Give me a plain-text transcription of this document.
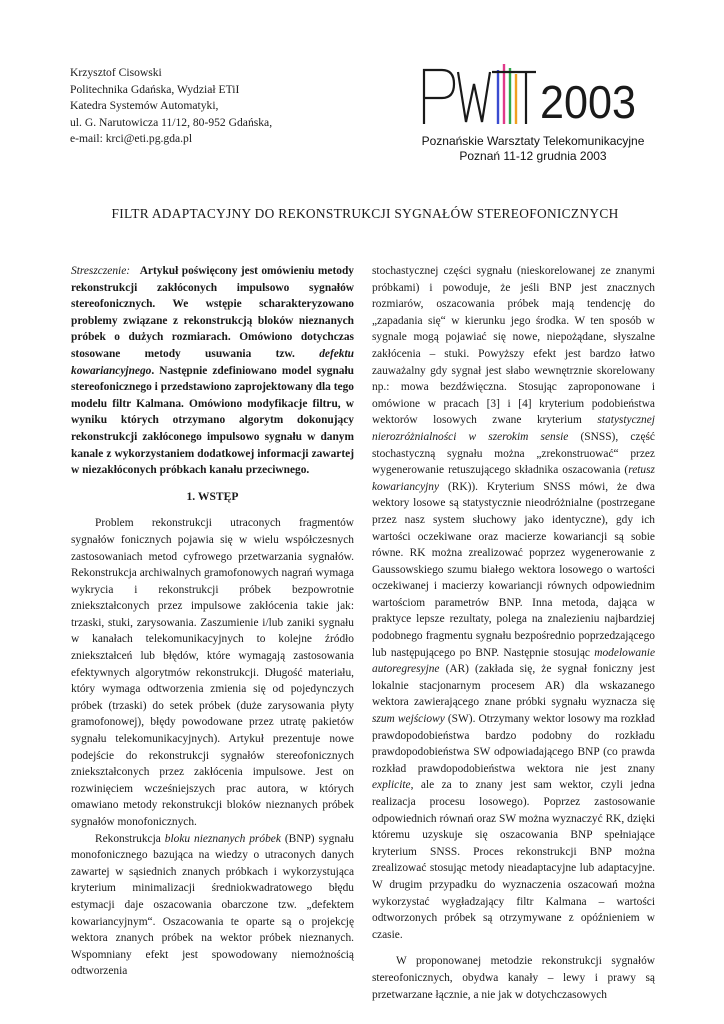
Krzysztof Cisowski
Politechnika Gdańska, Wydział ETiI
Katedra Systemów Automatyki,
ul. G. Narutowicza 11/12, 80-952 Gdańska,
e-mail: krci@eti.pg.gda.pl
2003
Poznańskie Warsztaty Telekomunikacyjne
Poznań 11-12 grudnia 2003
FILTR ADAPTACYJNY DO REKONSTRUKCJI SYGNAŁÓW STEREOFONICZNYCH

Streszczenie: Artykuł poświęcony jest omówieniu metody rekonstrukcji zakłóconych impulsowo sygnałów stereofonicznych. We wstępie scharakteryzowano problemy związane z rekonstrukcją bloków nieznanych próbek o dużych rozmiarach. Omówiono dotychczas stosowane metody usuwania tzw. defektu kowariancyjnego. Następnie zdefiniowano model sygnału stereofonicznego i przedstawiono zaprojektowany dla tego modelu filtr Kalmana. Omówiono modyfikacje filtru, w wyniku których otrzymano algorytm dokonujący rekonstrukcji zakłóconego impulsowo sygnału w danym kanale z wykorzystaniem dodatkowej informacji zawartej w niezakłóconych próbkach kanału przeciwnego.

1. WSTĘP

Problem rekonstrukcji utraconych fragmentów sygnałów fonicznych pojawia się w wielu współczesnych zastosowaniach metod cyfrowego przetwarzania sygnałów. Rekonstrukcja archiwalnych gramofonowych nagrań wymaga wykrycia i rekonstrukcji próbek bezpowrotnie zniekształconych przez impulsowe zakłócenia takie jak: trzaski, stuki, zarysowania. Zaszumienie i/lub zaniki sygnału w kanałach telekomunikacyjnych to kolejne źródło zniekształceń lub błędów, które wymagają zastosowania efektywnych algorytmów rekonstrukcji. Długość materiału, który wymaga odtworzenia zmienia się od pojedynczych próbek (trzaski) do setek próbek (duże zarysowania płyty gramofonowej), błędy powodowane przez utratę pakietów sygnału telekomunikacyjnych). Artykuł prezentuje nowe podejście do rekonstrukcji sygnałów stereofonicznych zniekształconych przez zakłócenia impulsowe. Jest on rozwinięciem wcześniejszych prac autora, w których omawiano metody rekonstrukcji bloków nieznanych próbek sygnałów monofonicznych.

Rekonstrukcja bloku nieznanych próbek (BNP) sygnału monofonicznego bazująca na wiedzy o utraconych danych zawartej w sąsiednich znanych próbkach i wykorzystująca kryterium minimalizacji średniokwadratowego błędu estymacji daje oszacowania obarczone tzw. „defektem kowariancyjnym“. Oszacowania te oparte są o projekcję wektora znanych próbek na wektor próbek nieznanych. Wspomniany efekt jest spowodowany niemożnością odtworzenia

stochastycznej części sygnału (nieskorelowanej ze znanymi próbkami) i powoduje, że jeśli BNP jest znacznych rozmiarów, oszacowania próbek mają tendencję do „zapadania się“ w kierunku jego środka. W ten sposób w sygnale mogą pojawiać się nowe, niepożądane, słyszalne zakłócenia – stuki. Powyższy efekt jest bardzo łatwo zauważalny gdy sygnał jest słabo wewnętrznie skorelowany np.: mowa bezdźwięczna. Stosując zaproponowane i omówione w pracach [3] i [4] kryterium podobieństwa wektorów losowych zwane kryterium statystycznej nierozróżnialności w szerokim sensie (SNSS), część stochastyczną sygnału można „zrekonstruować“ przez wygenerowanie retuszującego składnika oszacowania (retusz kowariancyjny (RK)). Kryterium SNSS mówi, że dwa wektory losowe są statystycznie nieodróżnialne (postrzegane przez nasz system słuchowy jako identyczne), gdy ich wartości oczekiwane oraz macierze kowariancji są sobie równe. RK można zrealizować poprzez wygenerowanie z Gaussowskiego szumu białego wektora losowego o wartości oczekiwanej i macierzy kowariancji równych odpowiednim wartościom parametrów BNP. Inna metoda, dająca w praktyce lepsze rezultaty, polega na znalezieniu najbardziej podobnego fragmentu sygnału bezpośrednio poprzedzającego lub następującego po BNP. Następnie stosując modelowanie autoregresyjne (AR) (zakłada się, że sygnał foniczny jest lokalnie stacjonarnym procesem AR) dla wskazanego wektora zawierającego znane próbki sygnału wyznacza się szum wejściowy (SW). Otrzymany wektor losowy ma rozkład prawdopodobieństwa bardzo podobny do rozkładu prawdopodobieństwa SW odpowiadającego BNP (co prawda rozkład prawdopodobieństwa wektora nie jest znany explicite, ale za to znany jest sam wektor, czyli jedna realizacja procesu losowego). Poprzez zastosowanie odpowiednich równań oraz SW można wyznaczyć RK, dzięki któremu uzyskuje się oszacowania BNP spełniające kryterium SNSS. Proces rekonstrukcji BNP można zrealizować stosując metody nieadaptacyjne lub adaptacyjne. W drugim przypadku do wyznaczenia oszacowań można wykorzystać wygładzający filtr Kalmana – wartości odtworzonych próbek są otrzymywane z opóźnieniem w czasie.

W proponowanej metodzie rekonstrukcji sygnałów stereofonicznych, obydwa kanały – lewy i prawy są przetwarzane łącznie, a nie jak w dotychczasowych
